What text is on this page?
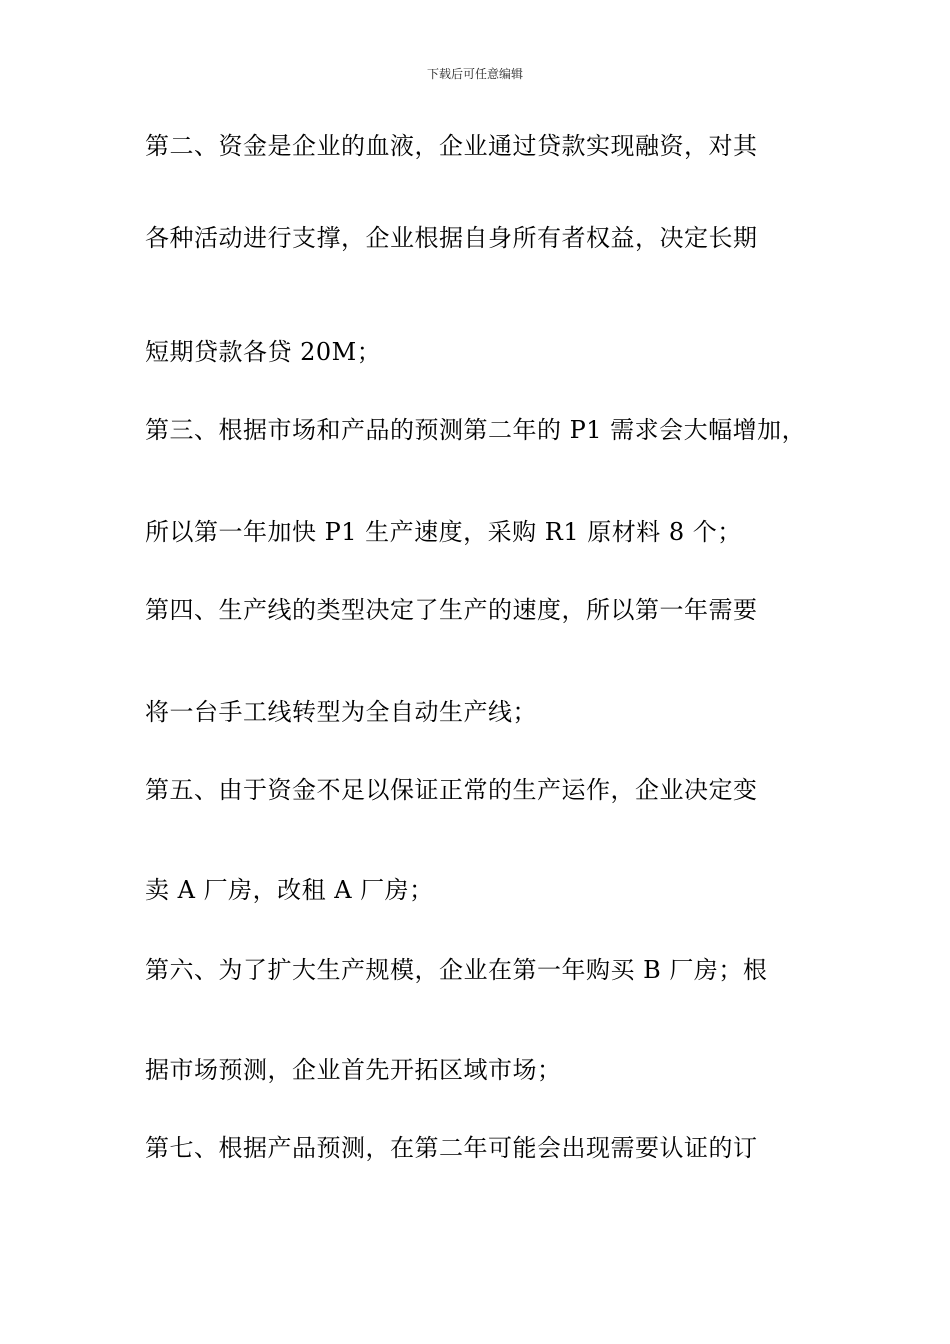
下载后可任意编辑
第二、资金是企业的血液，企业通过贷款实现融资，对其
各种活动进行支撑，企业根据自身所有者权益，决定长期
短期贷款各贷 20M；
第三、根据市场和产品的预测第二年的 P1 需求会大幅增加，
所以第一年加快 P1 生产速度，采购 R1 原材料 8 个；
第四、生产线的类型决定了生产的速度，所以第一年需要
将一台手工线转型为全自动生产线；
第五、由于资金不足以保证正常的生产运作，企业决定变
卖 A 厂房，改租 A 厂房；
第六、为了扩大生产规模，企业在第一年购买 B 厂房；根
据市场预测，企业首先开拓区域市场；
第七、根据产品预测，在第二年可能会出现需要认证的订
